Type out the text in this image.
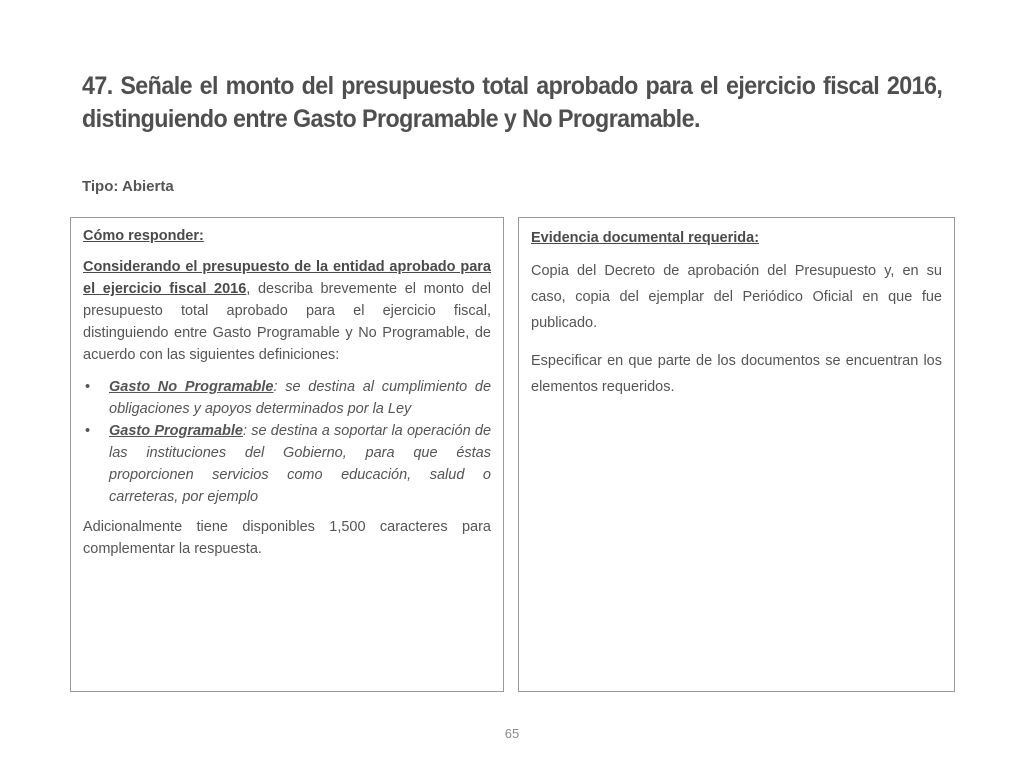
47. Señale el monto del presupuesto total aprobado para el ejercicio fiscal 2016, distinguiendo entre Gasto Programable y No Programable.
Tipo: Abierta

Cómo responder:

Considerando el presupuesto de la entidad aprobado para el ejercicio fiscal 2016, describa brevemente el monto del presupuesto total aprobado para el ejercicio fiscal, distinguiendo entre Gasto Programable y No Programable, de acuerdo con las siguientes definiciones:

• Gasto No Programable: se destina al cumplimiento de obligaciones y apoyos determinados por la Ley
• Gasto Programable: se destina a soportar la operación de las instituciones del Gobierno, para que éstas proporcionen servicios como educación, salud o carreteras, por ejemplo

Adicionalmente tiene disponibles 1,500 caracteres para complementar la respuesta.

Evidencia documental requerida:

Copia del Decreto de aprobación del Presupuesto y, en su caso, copia del ejemplar del Periódico Oficial en que fue publicado.

Especificar en que parte de los documentos se encuentran los elementos requeridos.

65
